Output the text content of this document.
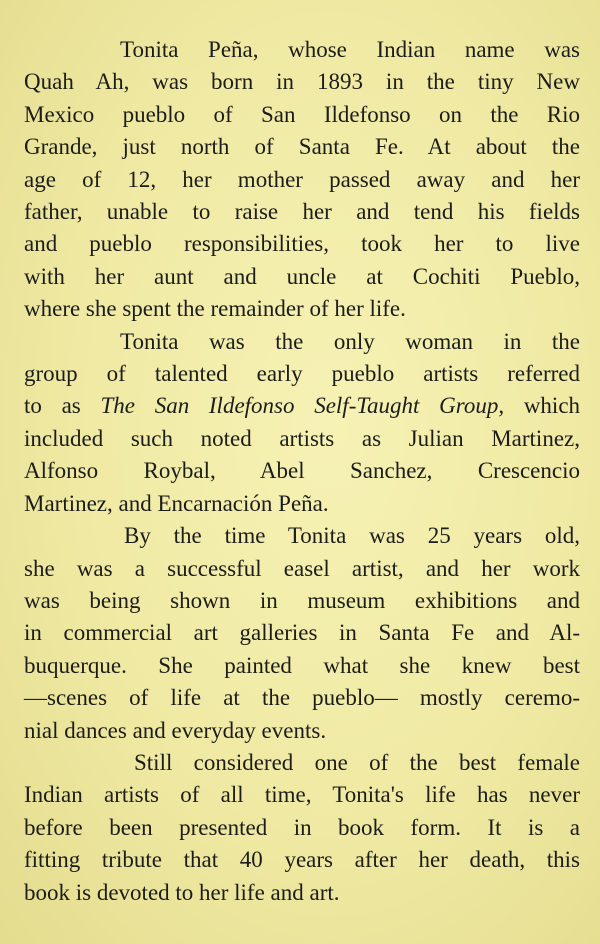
Tonita Peña, whose Indian name was
Quah Ah, was born in 1893 in the tiny New
Mexico pueblo of San Ildefonso on the Rio
Grande, just north of Santa Fe. At about the
age of 12, her mother passed away and her
father, unable to raise her and tend his fields
and pueblo responsibilities, took her to live
with her aunt and uncle at Cochiti Pueblo,
where she spent the remainder of her life.
Tonita was the only woman in the
group of talented early pueblo artists referred
to as The San Ildefonso Self-Taught Group, which
included such noted artists as Julian Martinez,
Alfonso Roybal, Abel Sanchez, Crescencio
Martinez, and Encarnación Peña.
By the time Tonita was 25 years old,
she was a successful easel artist, and her work
was being shown in museum exhibitions and
in commercial art galleries in Santa Fe and Al-
buquerque. She painted what she knew best
—scenes of life at the pueblo— mostly ceremo-
nial dances and everyday events.
Still considered one of the best female
Indian artists of all time, Tonita's life has never
before been presented in book form. It is a
fitting tribute that 40 years after her death, this
book is devoted to her life and art.
